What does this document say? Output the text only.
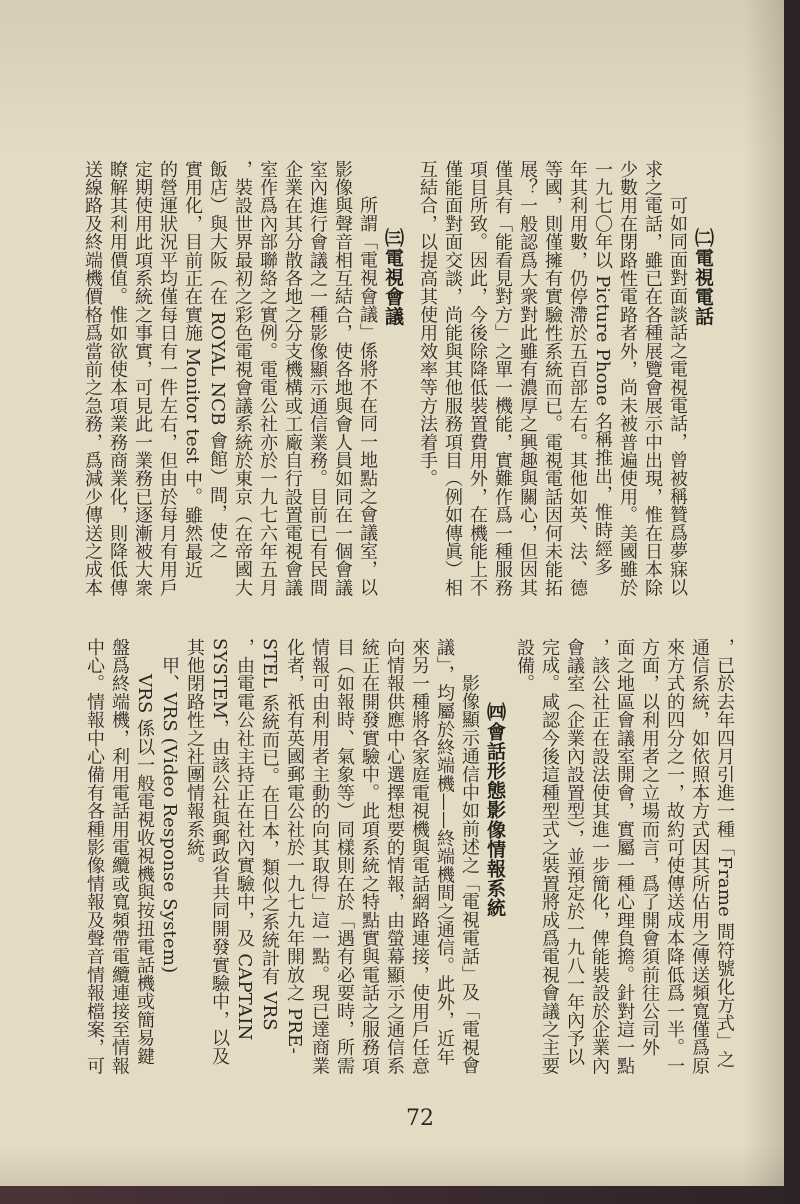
㈡電視電話
可如同面對面談話之電視電話，曾被稱贊爲夢寐以
求之電話，雖已在各種展覽會展示中出現，惟在日本除
少數用在閉路性電路者外，尚未被普遍使用。美國雖於
一九七〇年以 Picture Phone 名稱推出，惟時經多
年其利用數，仍停滯於五百部左右。其他如英、法、德
等國，則僅擁有實驗性系統而已。電視電話因何未能拓
展？一般認爲大衆對此雖有濃厚之興趣與關心，但因其
僅具有「能看見對方」之單一機能，實難作爲一種服務
項目所致。因此，今後除降低裝置費用外，在機能上不
僅能面對面交談，尚能與其他服務項目（例如傳眞）相
互結合，以提高其使用效率等方法着手。
㈢電視會議
所謂「電視會議」係將不在同一地點之會議室，以
影像與聲音相互結合，使各地與會人員如同在一個會議
室內進行會議之一種影像顯示通信業務。目前已有民間
企業在其分散各地之分支機構或工廠自行設置電視會議
室作爲內部聯絡之實例。電電公社亦於一九七六年五月
，裝設世界最初之彩色電視會議系統於東京（在帝國大
飯店）與大阪（在 ROYAL NCB 會館）間，使之
實用化，目前正在實施 Monitor test 中。雖然最近
的營運狀況平均僅每日有一件左右，但由於每月有用戶
定期使用此項系統之事實，可見此一業務已逐漸被大衆
瞭解其利用價值。惟如欲使本項業務商業化，則降低傳
送線路及終端機價格爲當前之急務，爲減少傳送之成本
，已於去年四月引進一種「Frame 間符號化方式」之
通信系統，如依照本方式因其所佔用之傳送頻寬僅爲原
來方式的四分之一，故約可使傳送成本降低爲一半。一
方面，以利用者之立場而言，爲了開會須前往公司外
面之地區會議室開會，實屬一種心理負擔。針對這一點
，該公社正在設法使其進一步簡化，俾能裝設於企業內
會議室（企業內設置型），並預定於一九八一年內予以
完成。咸認今後這種型式之裝置將成爲電視會議之主要
設備。
㈣會話形態影像情報系統
影像顯示通信中如前述之「電視電話」及「電視會
議」，均屬於終端機——終端機間之通信。此外，近年
來另一種將各家庭電視機與電話網路連接，使用戶任意
向情報供應中心選擇想要的情報，由螢幕顯示之通信系
統正在開發實驗中。此項系統之特點實與電話之服務項
目（如報時、氣象等）同樣則在於「遇有必要時，所需
情報可由利用者主動的向其取得」這一點。現已達商業
化者，祇有英國郵電公社於一九七九年開放之 PRE-
STEL 系統而已。在日本，類似之系統計有 VRS
，由電電公社主持正在社內實驗中，及 CAPTAIN
SYSTEM，由該公社與郵政省共同開發實驗中，以及
其他閉路性之社團情報系統。
甲、VRS (Video Response System)
VRS 係以一般電視收視機與按扭電話機或簡易鍵
盤爲終端機，利用電話用電纜或寬頻帶電纜連接至情報
中心。情報中心備有各種影像情報及聲音情報檔案，可
72
